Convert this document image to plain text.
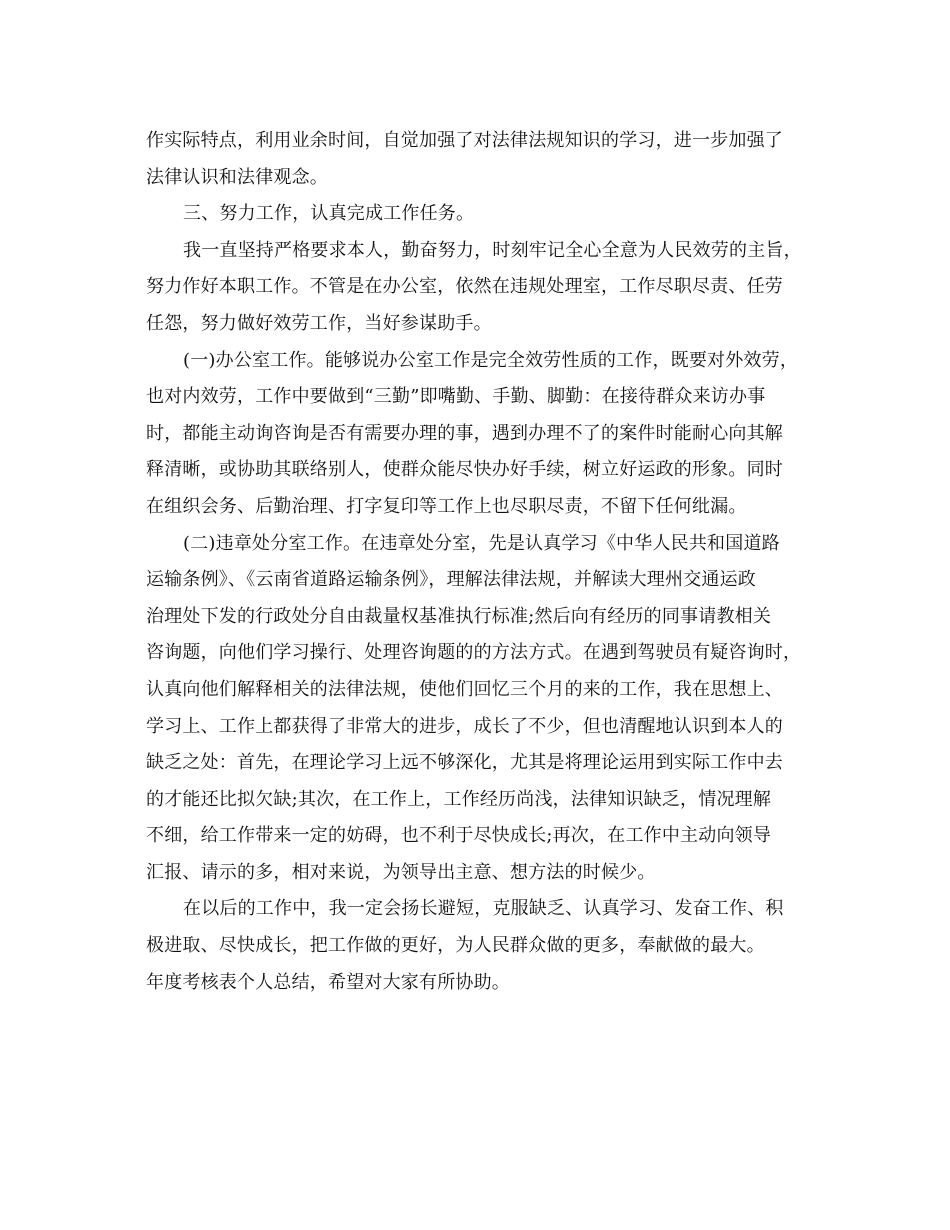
作实际特点，利用业余时间，自觉加强了对法律法规知识的学习，进一步加强了
法律认识和法律观念。
三、努力工作，认真完成工作任务。
我一直坚持严格要求本人，勤奋努力，时刻牢记全心全意为人民效劳的主旨，
努力作好本职工作。不管是在办公室，依然在违规处理室，工作尽职尽责、任劳
任怨，努力做好效劳工作，当好参谋助手。
(一)办公室工作。能够说办公室工作是完全效劳性质的工作，既要对外效劳，
也对内效劳，工作中要做到“三勤”即嘴勤、手勤、脚勤：在接待群众来访办事
时，都能主动询咨询是否有需要办理的事，遇到办理不了的案件时能耐心向其解
释清晰，或协助其联络别人，使群众能尽快办好手续，树立好运政的形象。同时
在组织会务、后勤治理、打字复印等工作上也尽职尽责，不留下任何纰漏。
(二)违章处分室工作。在违章处分室，先是认真学习《中华人民共和国道路
运输条例》、《云南省道路运输条例》，理解法律法规，并解读大理州交通运政
治理处下发的行政处分自由裁量权基准执行标准;然后向有经历的同事请教相关
咨询题，向他们学习操行、处理咨询题的的方法方式。在遇到驾驶员有疑咨询时，
认真向他们解释相关的法律法规，使他们回忆三个月的来的工作，我在思想上、
学习上、工作上都获得了非常大的进步，成长了不少，但也清醒地认识到本人的
缺乏之处：首先，在理论学习上远不够深化，尤其是将理论运用到实际工作中去
的才能还比拟欠缺;其次，在工作上，工作经历尚浅，法律知识缺乏，情况理解
不细，给工作带来一定的妨碍，也不利于尽快成长;再次，在工作中主动向领导
汇报、请示的多，相对来说，为领导出主意、想方法的时候少。
在以后的工作中，我一定会扬长避短，克服缺乏、认真学习、发奋工作、积
极进取、尽快成长，把工作做的更好，为人民群众做的更多，奉献做的最大。
年度考核表个人总结，希望对大家有所协助。
